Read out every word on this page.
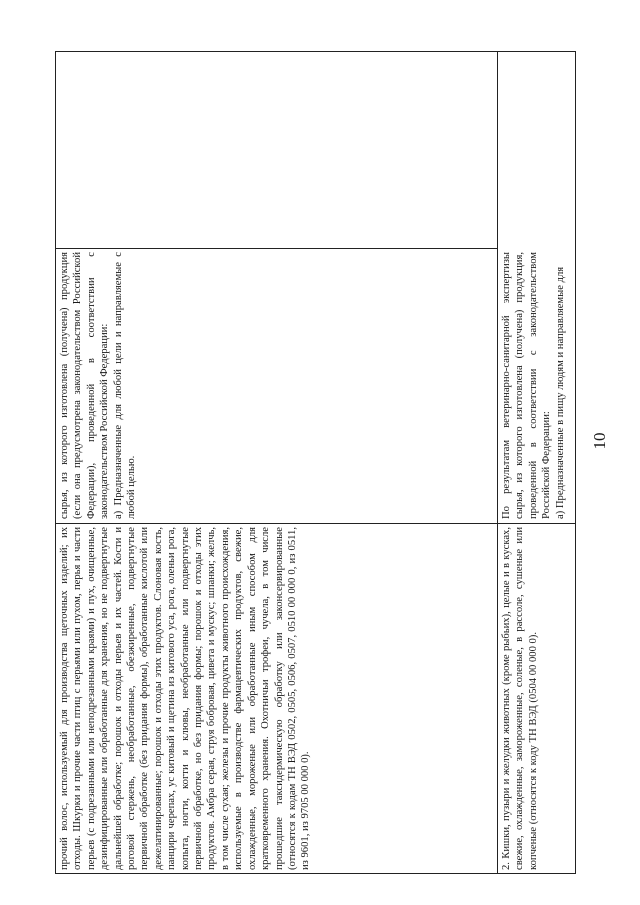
10
прочий волос, используемый для производства щеточных изделий; их отходы. Шкурки и прочие части птиц с перьями или пухом, перья и части перьев (с подрезанными или неподрезанными краями) и пух, очищенные, дезинфицированные или обработанные для хранения, но не подвергнутые дальнейшей обработке; порошок и отходы перьев и их частей. Кости и роговой стержень, необработанные, обезжиренные, подвергнутые первичной обработке (без придания формы), обработанные кислотой или дежелатинированные; порошок и отходы этих продуктов. Слоновая кость, панцири черепах, ус китовый и щетина из китового уса, рога, оленьи рога, копыта, ногти, когти и клювы, необработанные или подвергнутые первичной обработке, но без придания формы; порошок и отходы этих продуктов. Амбра серая, струя бобровая, цивета и мускус; шпанки; желчь, в том числе сухая; железы и прочие продукты животного происхождения, используемые в производстве фармацевтических продуктов, свежие, охлажденные, мороженые или обработанные иным способом для кратковременного хранения. Охотничьи трофеи, чучела, в том числе прошедшие таксидермическую обработку или законсервированные (относятся к кодам ТН ВЭД 0502, 0505, 0506, 0507, 0510 00 000 0, из 0511, из 9601, из 9705 00 000 0).
сырья, из которого изготовлена (получена) продукция (если она предусмотрена законодательством Российской Федерации), проведенной в соответствии с законодательством Российской Федерации:
а) Предназначенные для любой цели и направляемые с любой целью.
2. Кишки, пузыри и желудки животных (кроме рыбьих), целые и в кусках, свежие, охлажденные, замороженные, соленые, в рассоле, сушеные или копченые (относятся к коду ТН ВЭД (0504 00 000 0).
По результатам ветеринарно-санитарной экспертизы сырья, из которого изготовлена (получена) продукция, проведенной в соответствии с законодательством Российской Федерации:
а) Предназначенные в пищу людям и направляемые для
